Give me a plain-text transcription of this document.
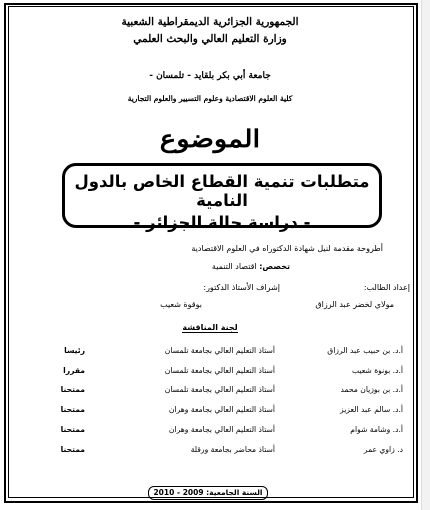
الجمهورية الجزائرية الديمقراطية الشعبية
وزارة التعليم العالي والبحث العلمي
جامعة أبي بكر بلقايد - تلمسان -
كلية العلوم الاقتصادية وعلوم التسيير والعلوم التجارية
الموضوع
متطلبات تنمية القطاع الخاص بالدول النامية
- دراسة حالة الجزائر -
أطروحة مقدمة لنيل شهادة الدكتوراه في العلوم الاقتصادية
تخصص: اقتصاد التنمية
إعداد الطالب:
إشراف الأستاذ الدكتور:
مولاي لخضر عبد الرزاق
بوقوة شعيب
لجنة المناقشة
أ.د. بن حبيب عبد الرزاق
أستاذ التعليم العالي بجامعة تلمسان
رئيسا
أ.د. بونوة شعيب
أستاذ التعليم العالي بجامعة تلمسان
مقررا
أ.د. بن بوزيان محمد
أستاذ التعليم العالي بجامعة تلمسان
ممتحنا
أ.د. سالم عبد العزيز
أستاذ التعليم العالي بجامعة وهران
ممتحنا
أ.د. وشامة شوام
أستاذ التعليم العالي بجامعة وهران
ممتحنا
د. زاوي عمر
أستاذ محاضر بجامعة ورقلة
ممتحنا
السنة الجامعية: 2009 - 2010
